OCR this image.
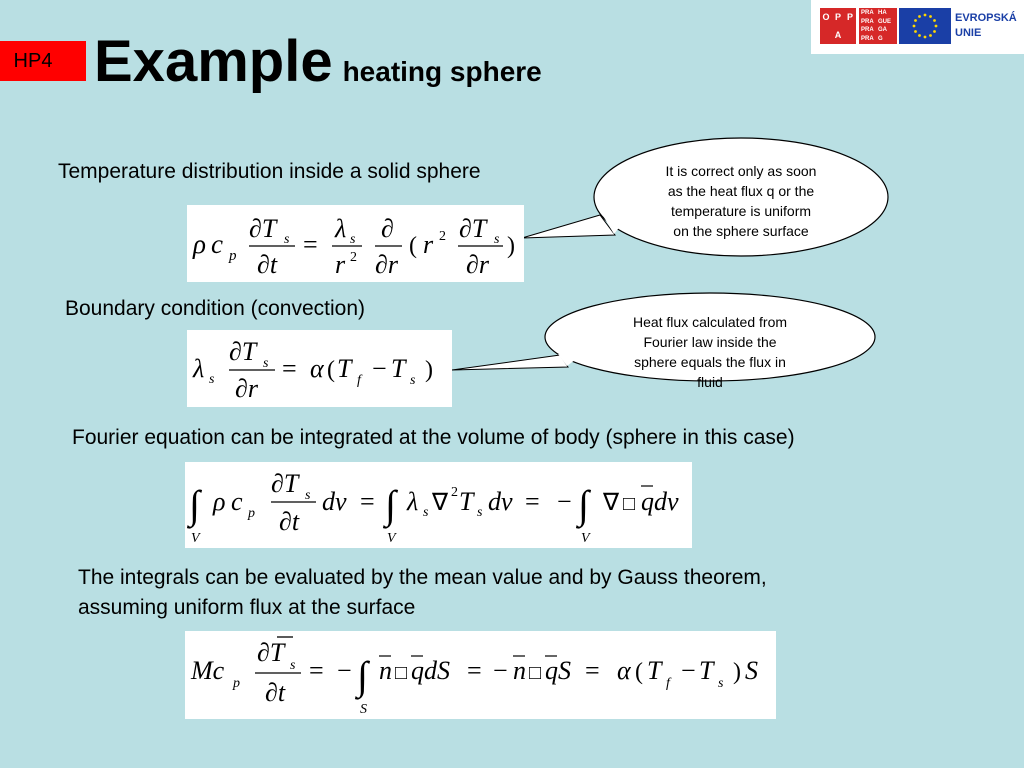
HP4 Example heating sphere
O P P
A
PRA HA
PRA GUE
PRA GA
PRA G
EVROPSKÁ
UNIE
It is correct only as soon
as the heat flux q or the
temperature is uniform
on the sphere surface
Heat flux calculated from
Fourier law inside the
sphere equals the flux in
fluid
Temperature distribution inside a solid sphere
Boundary condition (convection)
Fourier equation can be integrated at the volume of body (sphere in this case)
The integrals can be evaluated by the mean value and by Gauss theorem,
assuming uniform flux at the surface
ρ c p
∂T s
∂t
=
λ s
r 2
∂
∂r
( r 2 ∂T s
∂r
)
λ s
∂T s
∂r
= α ( T f − T s )
∫
V
ρ c p
∂T s
∂t
dv = ∫
V
λ s ∇ 2 T s dv = − ∫
V
∇ □ qdv
Mc p
∂T s
∂t
= − ∫
S
n □ qdS = − n □ qS = α ( T f − T s ) S
